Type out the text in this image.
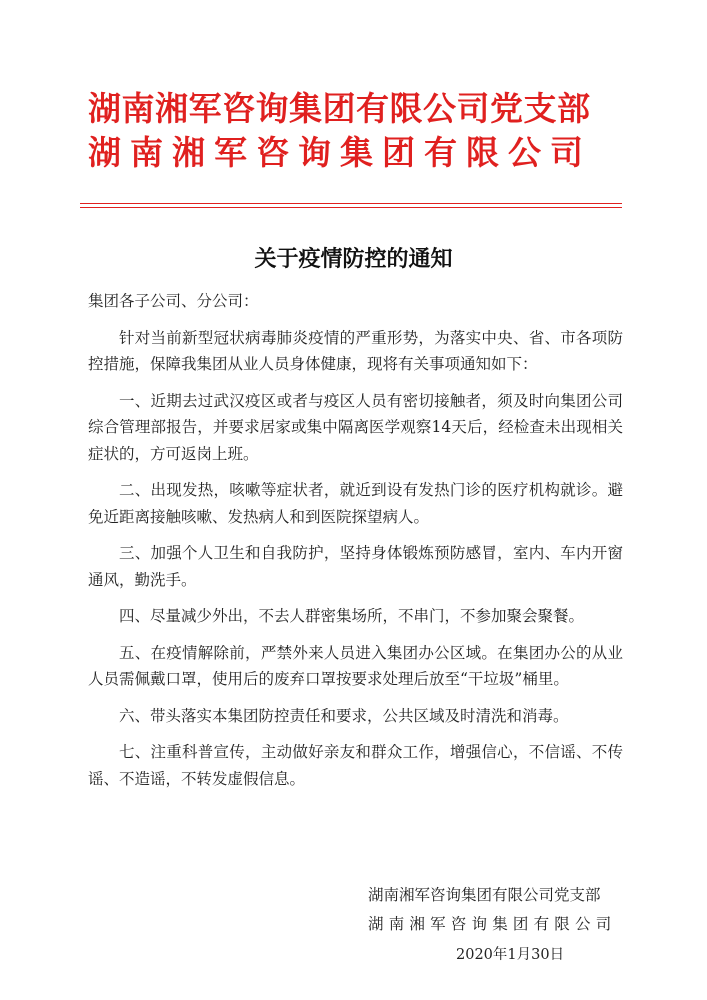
湖南湘军咨询集团有限公司党支部
湖南湘军咨询集团有限公司
关于疫情防控的通知

集团各子公司、分公司：

针对当前新型冠状病毒肺炎疫情的严重形势，为落实中央、省、市各项防控措施，保障我集团从业人员身体健康，现将有关事项通知如下：

一、近期去过武汉疫区或者与疫区人员有密切接触者，须及时向集团公司综合管理部报告，并要求居家或集中隔离医学观察14天后，经检查未出现相关症状的，方可返岗上班。

二、出现发热，咳嗽等症状者，就近到设有发热门诊的医疗机构就诊。避免近距离接触咳嗽、发热病人和到医院探望病人。

三、加强个人卫生和自我防护，坚持身体锻炼预防感冒，室内、车内开窗通风，勤洗手。

四、尽量减少外出，不去人群密集场所，不串门，不参加聚会聚餐。

五、在疫情解除前，严禁外来人员进入集团办公区域。在集团办公的从业人员需佩戴口罩，使用后的废弃口罩按要求处理后放至“干垃圾”桶里。

六、带头落实本集团防控责任和要求，公共区域及时清洗和消毒。

七、注重科普宣传，主动做好亲友和群众工作，增强信心，不信谣、不传谣、不造谣，不转发虚假信息。

湖南湘军咨询集团有限公司党支部
湖南湘军咨询集团有限公司
2020年1月30日
